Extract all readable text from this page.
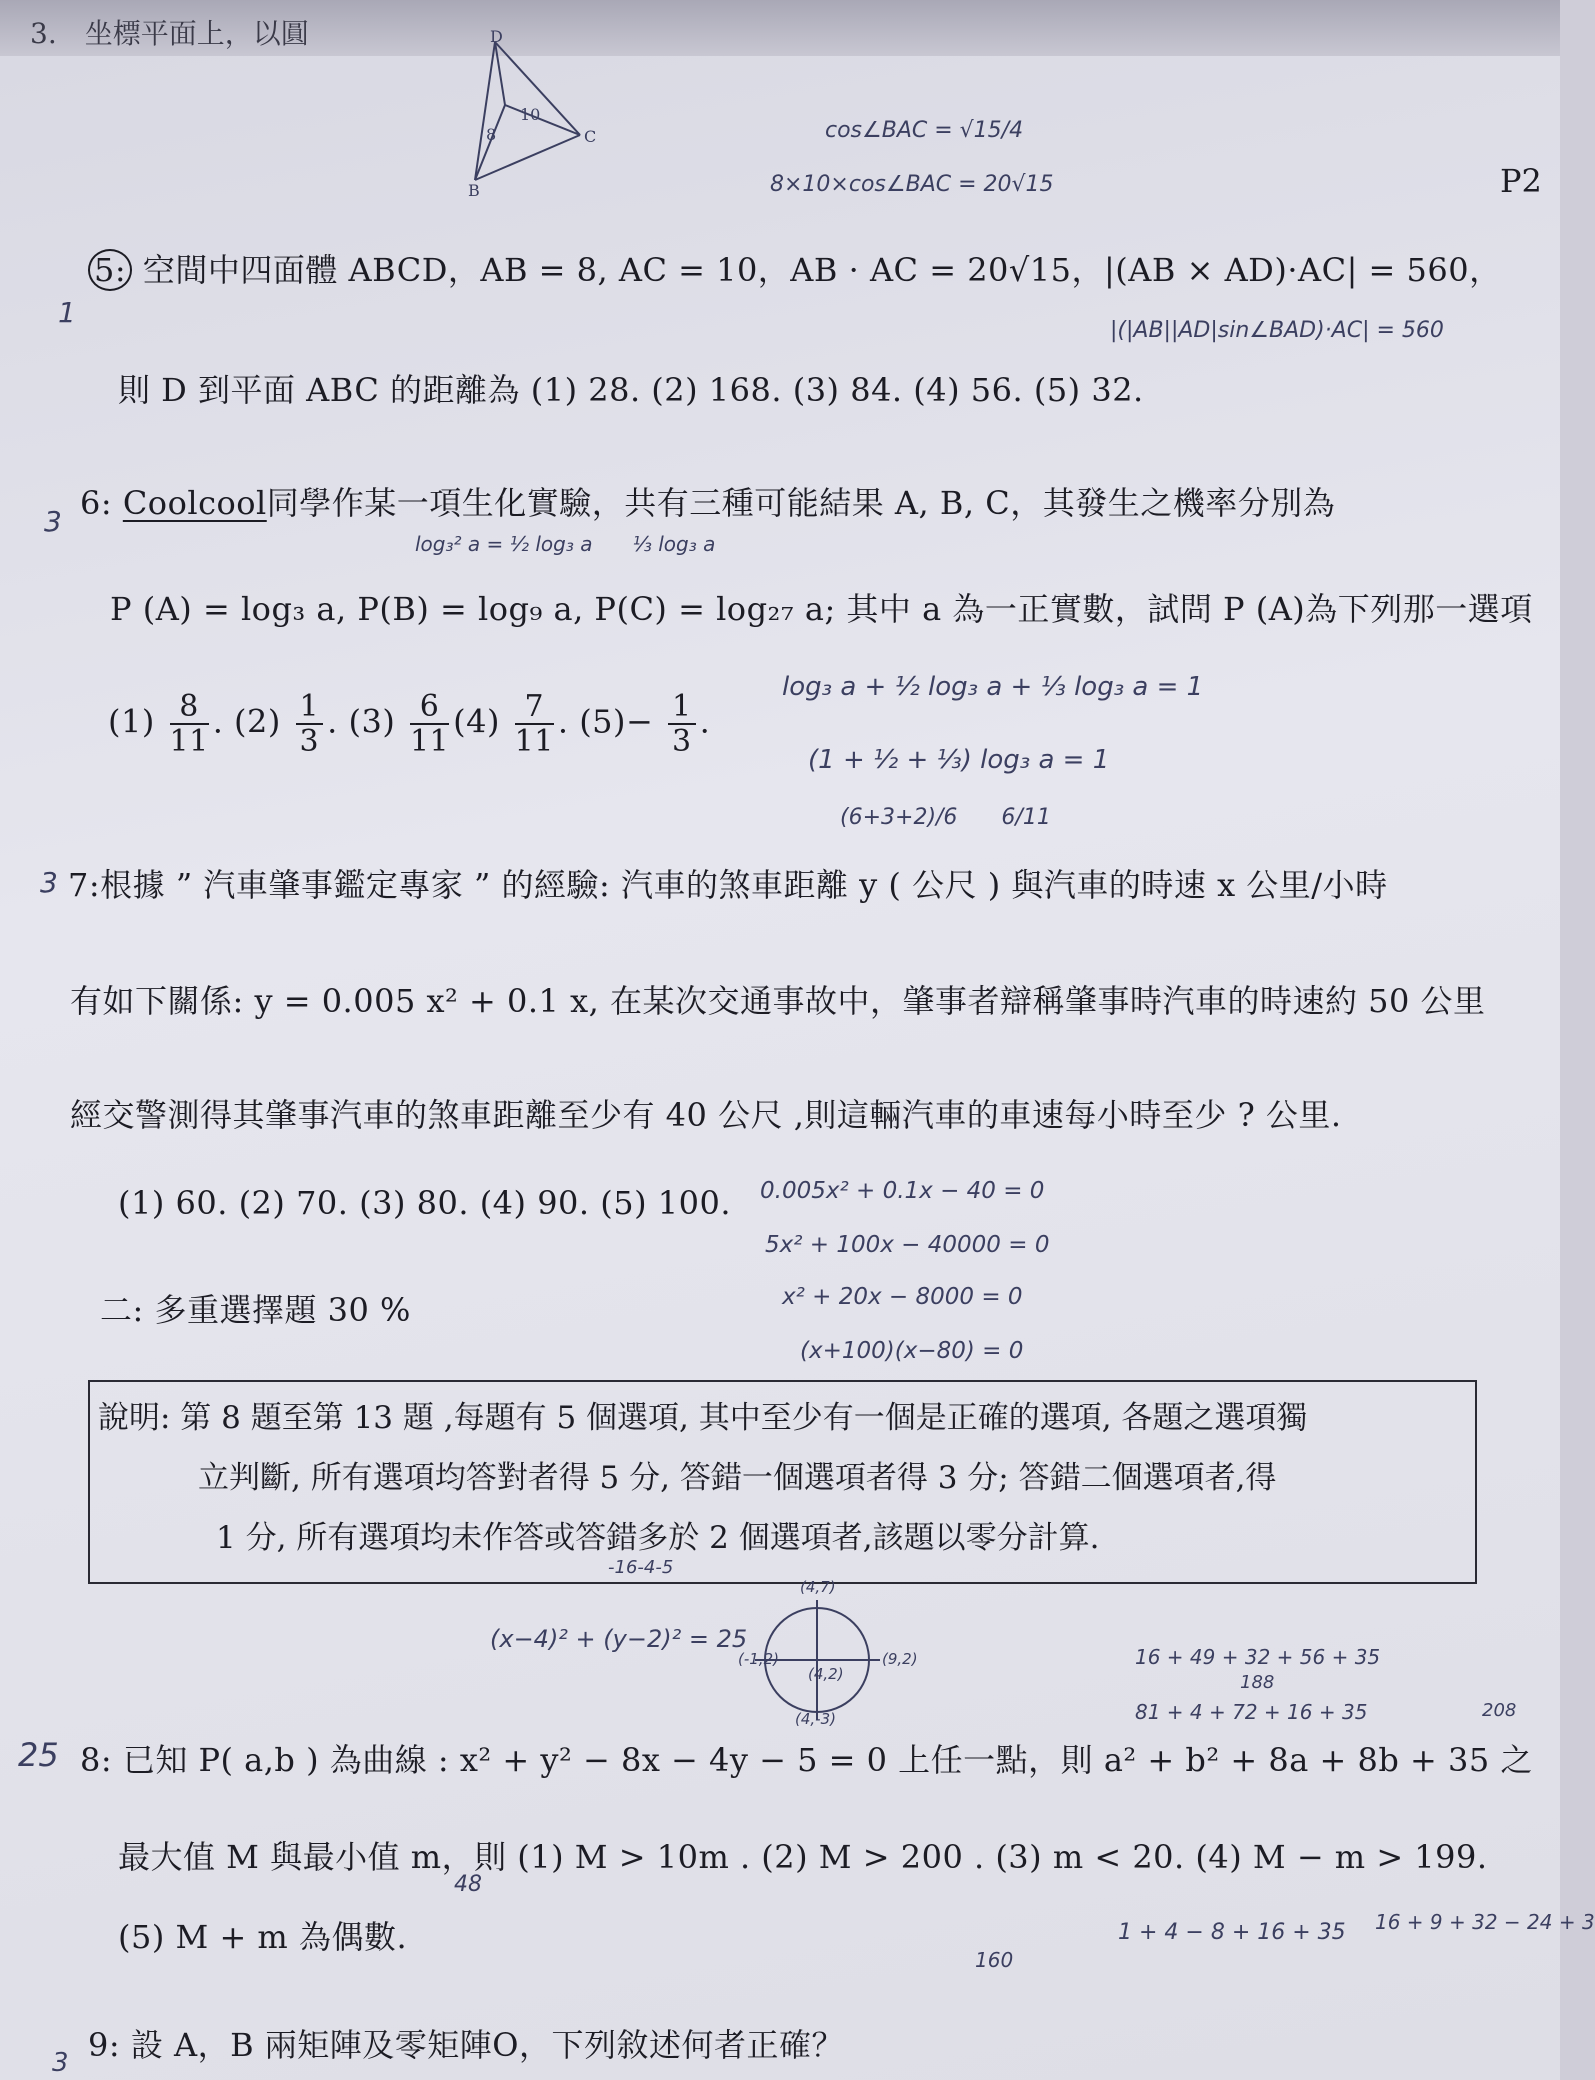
3.　坐標平面上，以圓
P2
D
B
C
8
10
cos∠BAC = √15/4
8×10×cos∠BAC = 20√15
1
5: 空間中四面體 ABCD，AB = 8, AC = 10，AB · AC = 20√15，|(AB × AD)·AC| = 560，
|(|AB||AD|sin∠BAD)·AC| = 560
則 D 到平面 ABC 的距離為 (1) 28. (2) 168. (3) 84. (4) 56. (5) 32.
3 6: Coolcool同學作某一項生化實驗，共有三種可能結果 A, B, C，其發生之機率分別為
log₃² a = ½ log₃ a　　⅓ log₃ a
P (A) = log₃ a, P(B) = log₉ a, P(C) = log₂₇ a; 其中 a 為一正實數，試問 P (A)為下列那一選項
$(1) \frac{8}{11}$ . $(2) \frac{1}{3}$ . $(3) \frac{6}{11} (4) \frac{7}{11}$ . $(5)- \frac{1}{3}$ .
log₃ a + ½ log₃ a + ⅓ log₃ a = 1
(1 + ½ + ⅓) log₃ a = 1
(6+3+2)/6　　6/11
3 7:根據 ” 汽車肇事鑑定專家 ” 的經驗: 汽車的煞車距離 y ( 公尺 ) 與汽車的時速 x 公里/小時
有如下關係: y = 0.005 x² + 0.1 x, 在某次交通事故中，肇事者辯稱肇事時汽車的時速約 50 公里
經交警測得其肇事汽車的煞車距離至少有 40 公尺 ,則這輛汽車的車速每小時至少 ? 公里.
(1) 60. (2) 70. (3) 80. (4) 90. (5) 100. 0.005x² + 0.1x − 40 = 0
5x² + 100x − 40000 = 0
x² + 20x − 8000 = 0
(x+100)(x−80) = 0
二: 多重選擇題 30 %
說明: 第 8 題至第 13 題 ,每題有 5 個選項, 其中至少有一個是正確的選項, 各題之選項獨
立判斷, 所有選項均答對者得 5 分, 答錯一個選項者得 3 分; 答錯二個選項者,得
1 分, 所有選項均未作答或答錯多於 2 個選項者,該題以零分計算.
-16-4-5
(x−4)² + (y−2)² = 25
(4,7)
(-1,2)
(4,2)
(9,2)
(4,-3)
16 + 49 + 32 + 56 + 35
188
81 + 4 + 72 + 16 + 35	208
25 8: 已知 P( a,b ) 為曲線 : x² + y² − 8x − 4y − 5 = 0 上任一點，則 a² + b² + 8a + 8b + 35 之
最大值 M 與最小值 m，則 (1) M > 10m . (2) M > 200 . (3) m < 20. (4) M − m > 199.
48
(5) M + m 為偶數.
160
1 + 4 − 8 + 16 + 35 16 + 9 + 32 − 24 + 3
3 9: 設 A，B 兩矩陣及零矩陣O，下列敘述何者正確？
